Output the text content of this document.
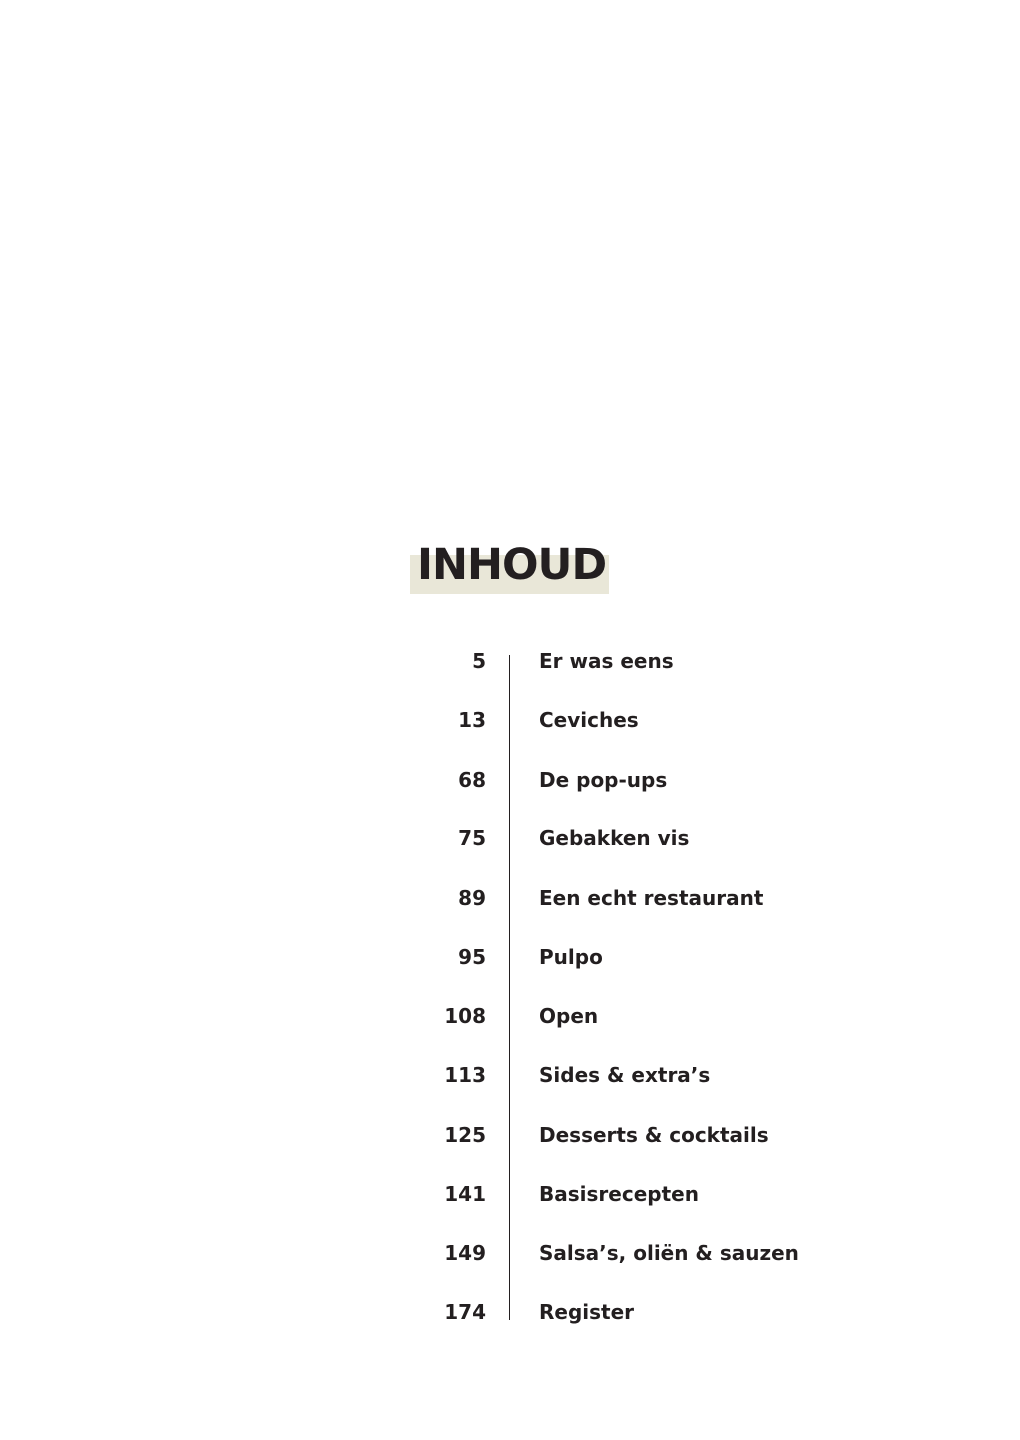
INHOUD
5	Er was eens
13	Ceviches
68	De pop-ups
75	Gebakken vis
89	Een echt restaurant
95	Pulpo
108	Open
113	Sides & extra’s
125	Desserts & cocktails
141	Basisrecepten
149	Salsa’s, oliën & sauzen
174	Register
